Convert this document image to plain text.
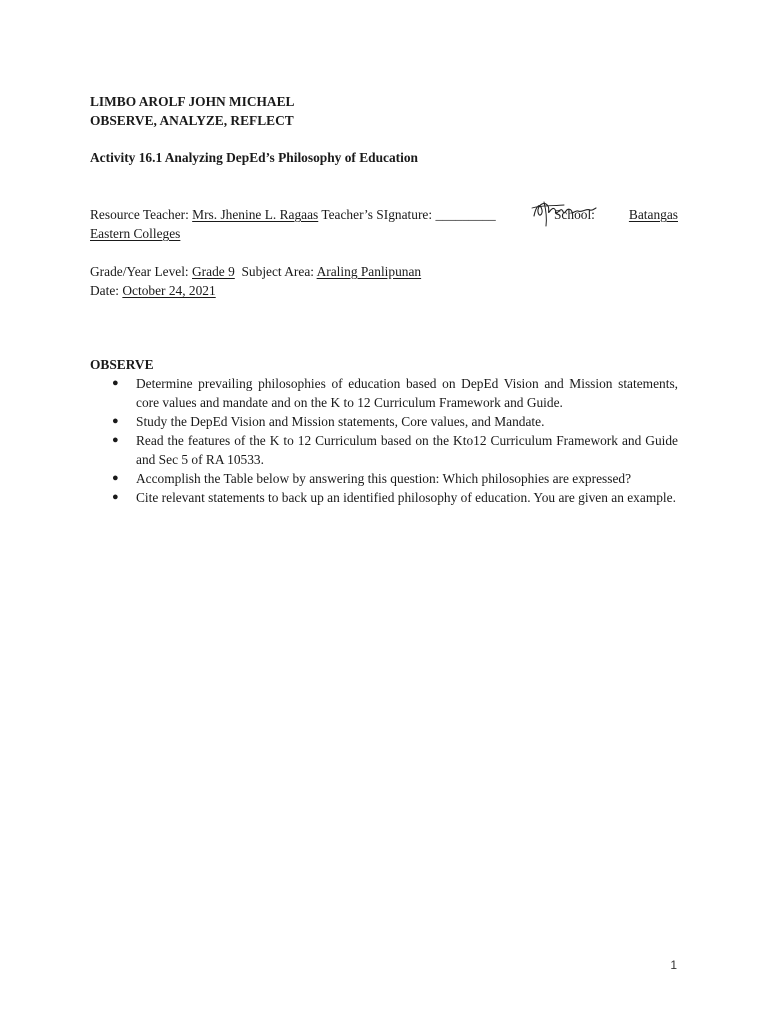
LIMBO AROLF JOHN MICHAEL
OBSERVE, ANALYZE, REFLECT
Activity 16.1 Analyzing DepEd’s Philosophy of Education
Resource Teacher: Mrs. Jhenine L. Ragaas Teacher’s SIgnature: _________	School:	Batangas
Eastern Colleges
Grade/Year Level: Grade 9  Subject Area: Araling Panlipunan
Date: October 24, 2021
OBSERVE
● Determine prevailing philosophies of education based on DepEd Vision and Mission statements, core values and mandate and on the K to 12 Curriculum Framework and Guide.
● Study the DepEd Vision and Mission statements, Core values, and Mandate.
● Read the features of the K to 12 Curriculum based on the Kto12 Curriculum Framework and Guide and Sec 5 of RA 10533.
● Accomplish the Table below by answering this question: Which philosophies are expressed?
● Cite relevant statements to back up an identified philosophy of education. You are given an example.
1
